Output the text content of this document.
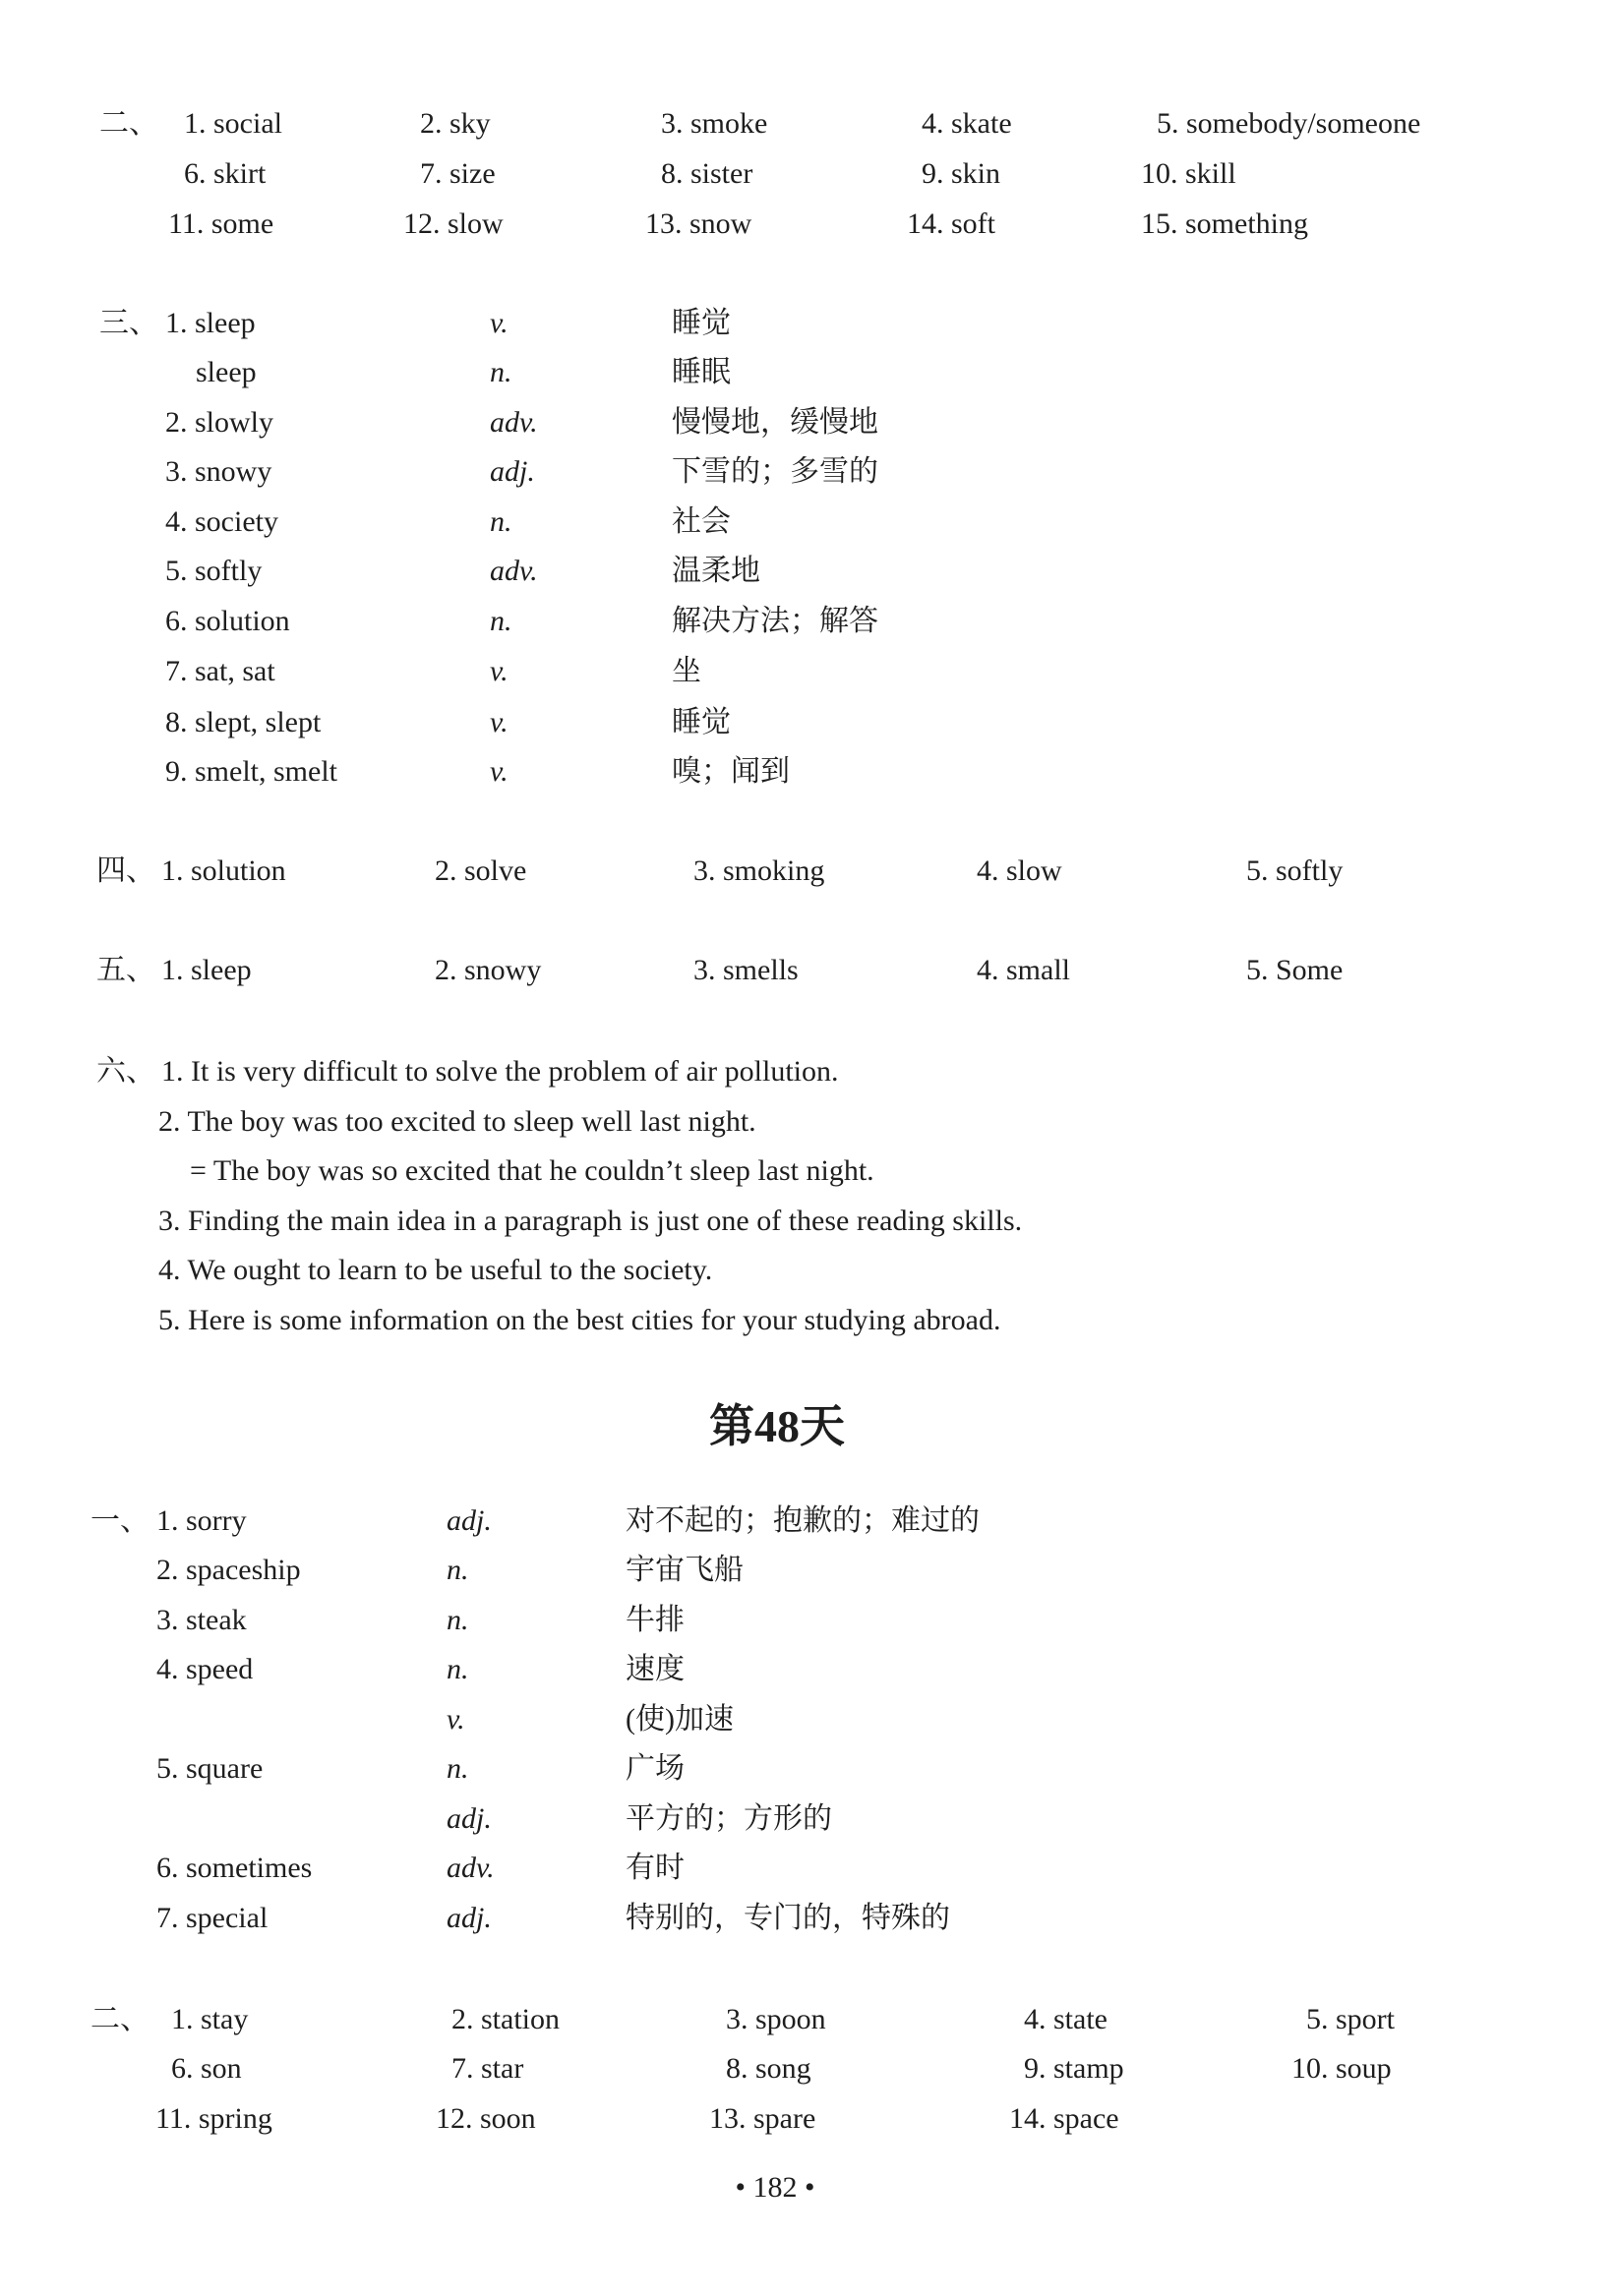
二、 1. social	2. sky	3. smoke	4. skate	5. somebody/someone
6. skirt	7. size	8. sister	9. skin	10. skill
11. some	12. slow	13. snow	14. soft	15. something
三、 1. sleep	v.	睡觉
sleep	n.	睡眠
2. slowly	adv.	慢慢地，缓慢地
3. snowy	adj.	下雪的；多雪的
4. society	n.	社会
5. softly	adv.	温柔地
6. solution	n.	解决方法；解答
7. sat, sat	v.	坐
8. slept, slept	v.	睡觉
9. smelt, smelt	v.	嗅；闻到
四、 1. solution	2. solve	3. smoking	4. slow	5. softly
五、 1. sleep	2. snowy	3. smells	4. small	5. Some
六、 1. It is very difficult to solve the problem of air pollution.
2. The boy was too excited to sleep well last night.
= The boy was so excited that he couldn’t sleep last night.
3. Finding the main idea in a paragraph is just one of these reading skills.
4. We ought to learn to be useful to the society.
5. Here is some information on the best cities for your studying abroad.
第48天
一、 1. sorry	adj.	对不起的；抱歉的；难过的
2. spaceship	n.	宇宙飞船
3. steak	n.	牛排
4. speed	n.	速度
v.	(使)加速
5. square	n.	广场
adj.	平方的；方形的
6. sometimes	adv.	有时
7. special	adj.	特别的，专门的，特殊的
二、 1. stay	2. station	3. spoon	4. state	5. sport
6. son	7. star	8. song	9. stamp	10. soup
11. spring	12. soon	13. spare	14. space
• 182 •
